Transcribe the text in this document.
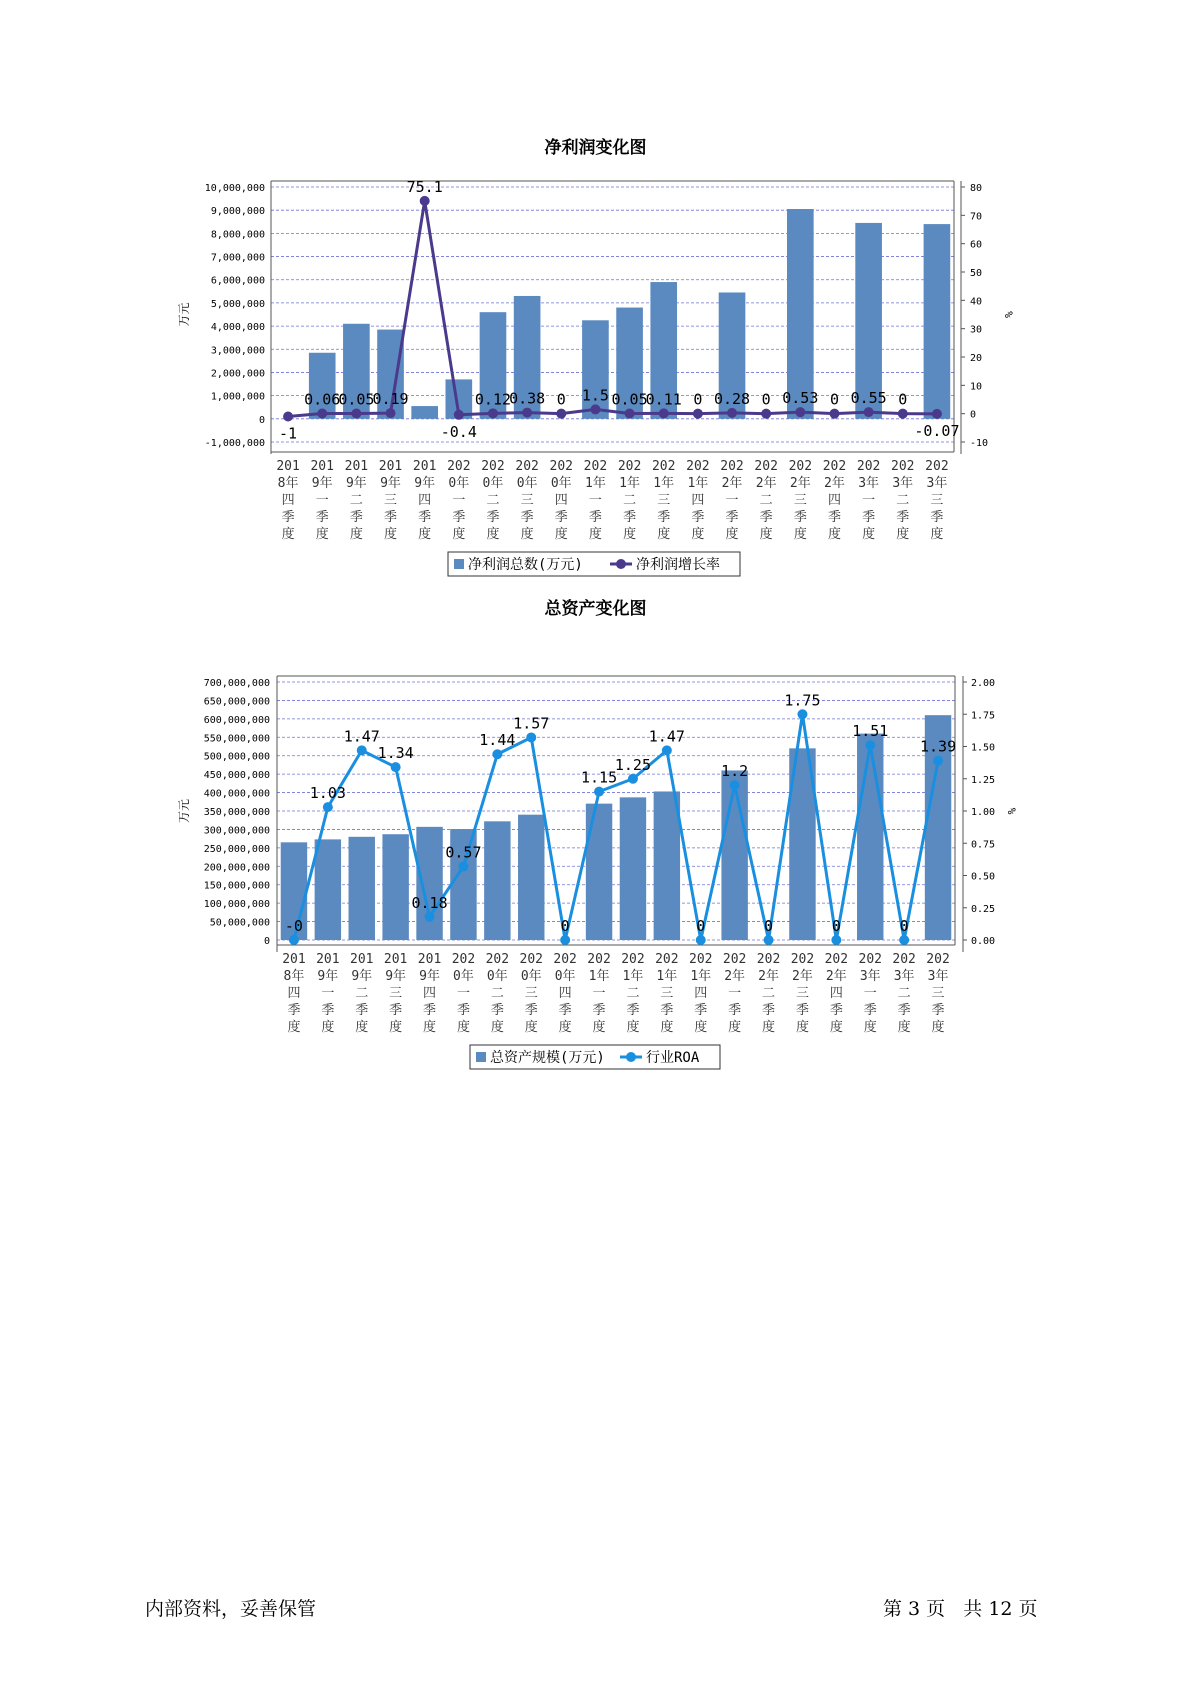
净利润变化图
10,000,000
9,000,000
8,000,000
7,000,000
6,000,000
5,000,000
4,000,000
3,000,000
2,000,000
1,000,000
0
-1,000,000
80
70
60
50
40
30
20
10
0
-10
万元	%
-1
0.06
0.05
0.19
75.1
-0.4
0.12
0.38 0 1.5 0.05
0.11 0 0.28 0 0.53 0 0.55 0
-0.07
201
8年
四
季
度
201
9年
一
季
度
201
9年
二
季
度
201
9年
三
季
度
201
9年
四
季
度
202
0年
一
季
度
202
0年
二
季
度
202
0年
三
季
度
202
0年
四
季
度
202
1年
一
季
度
202
1年
二
季
度
202
1年
三
季
度
202
1年
四
季
度
202
2年
一
季
度
202
2年
二
季
度
202
2年
三
季
度
202
2年
四
季
度
202
3年
一
季
度
202
3年
二
季
度
202
3年
三
季
度
净利润总数(万元)	净利润增长率
总资产变化图
700,000,000
650,000,000
600,000,000
550,000,000
500,000,000
450,000,000
400,000,000
350,000,000
300,000,000
250,000,000
200,000,000
150,000,000
100,000,000
50,000,000
0
2.00
1.75
1.50
1.25
1.00
0.75
0.50
0.25
0.00
万元	%
-0
1.03
1.47
1.34
0.18
0.57
1.44
1.57
0
1.15
1.25
1.47
0
1.2
0
1.75
0
1.51
0
1.39
201
8年
四
季
度
201
9年
一
季
度
201
9年
二
季
度
201
9年
三
季
度
201
9年
四
季
度
202
0年
一
季
度
202
0年
二
季
度
202
0年
三
季
度
202
0年
四
季
度
202
1年
一
季
度
202
1年
二
季
度
202
1年
三
季
度
202
1年
四
季
度
202
2年
一
季
度
202
2年
二
季
度
202
2年
三
季
度
202
2年
四
季
度
202
3年
一
季
度
202
3年
二
季
度
202
3年
三
季
度
总资产规模(万元)	行业ROA
内部资料，妥善保管	第 3 页   共 12 页
